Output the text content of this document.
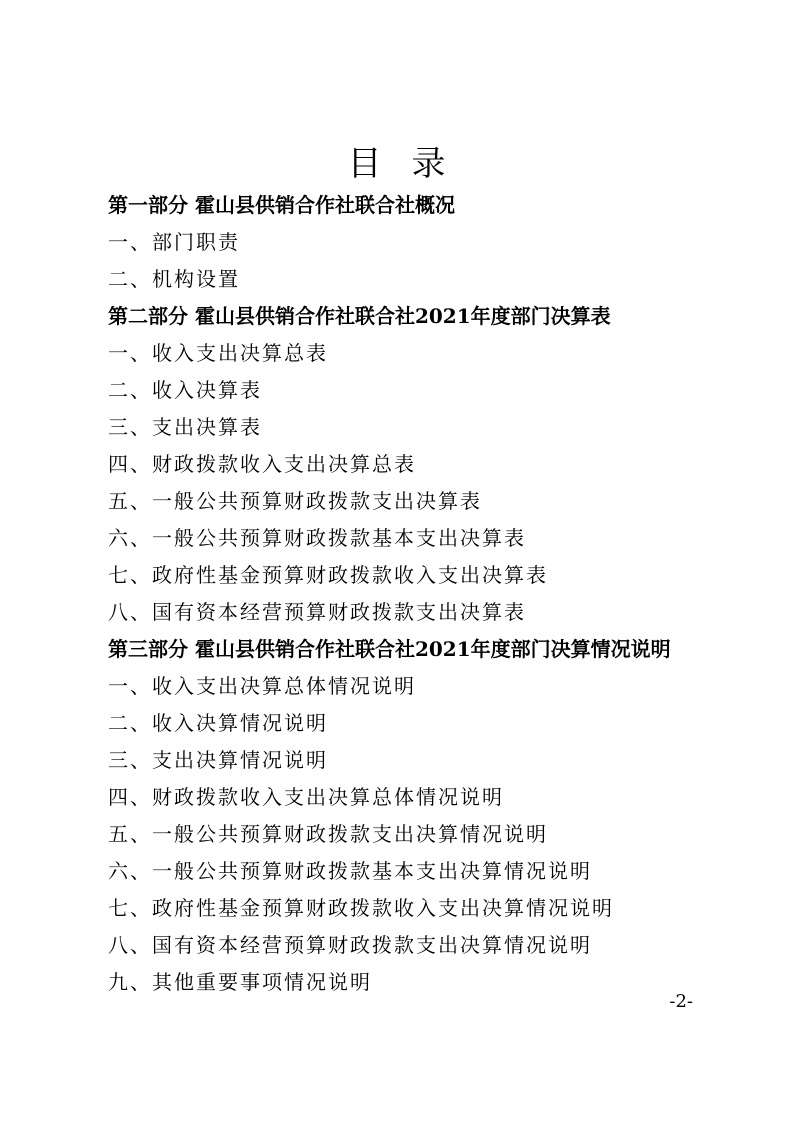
目录
第一部分 霍山县供销合作社联合社概况
一、部门职责
二、机构设置
第二部分 霍山县供销合作社联合社2021年度部门决算表
一、收入支出决算总表
二、收入决算表
三、支出决算表
四、财政拨款收入支出决算总表
五、一般公共预算财政拨款支出决算表
六、一般公共预算财政拨款基本支出决算表
七、政府性基金预算财政拨款收入支出决算表
八、国有资本经营预算财政拨款支出决算表
第三部分 霍山县供销合作社联合社2021年度部门决算情况说明
一、收入支出决算总体情况说明
二、收入决算情况说明
三、支出决算情况说明
四、财政拨款收入支出决算总体情况说明
五、一般公共预算财政拨款支出决算情况说明
六、一般公共预算财政拨款基本支出决算情况说明
七、政府性基金预算财政拨款收入支出决算情况说明
八、国有资本经营预算财政拨款支出决算情况说明
九、其他重要事项情况说明
-2-
